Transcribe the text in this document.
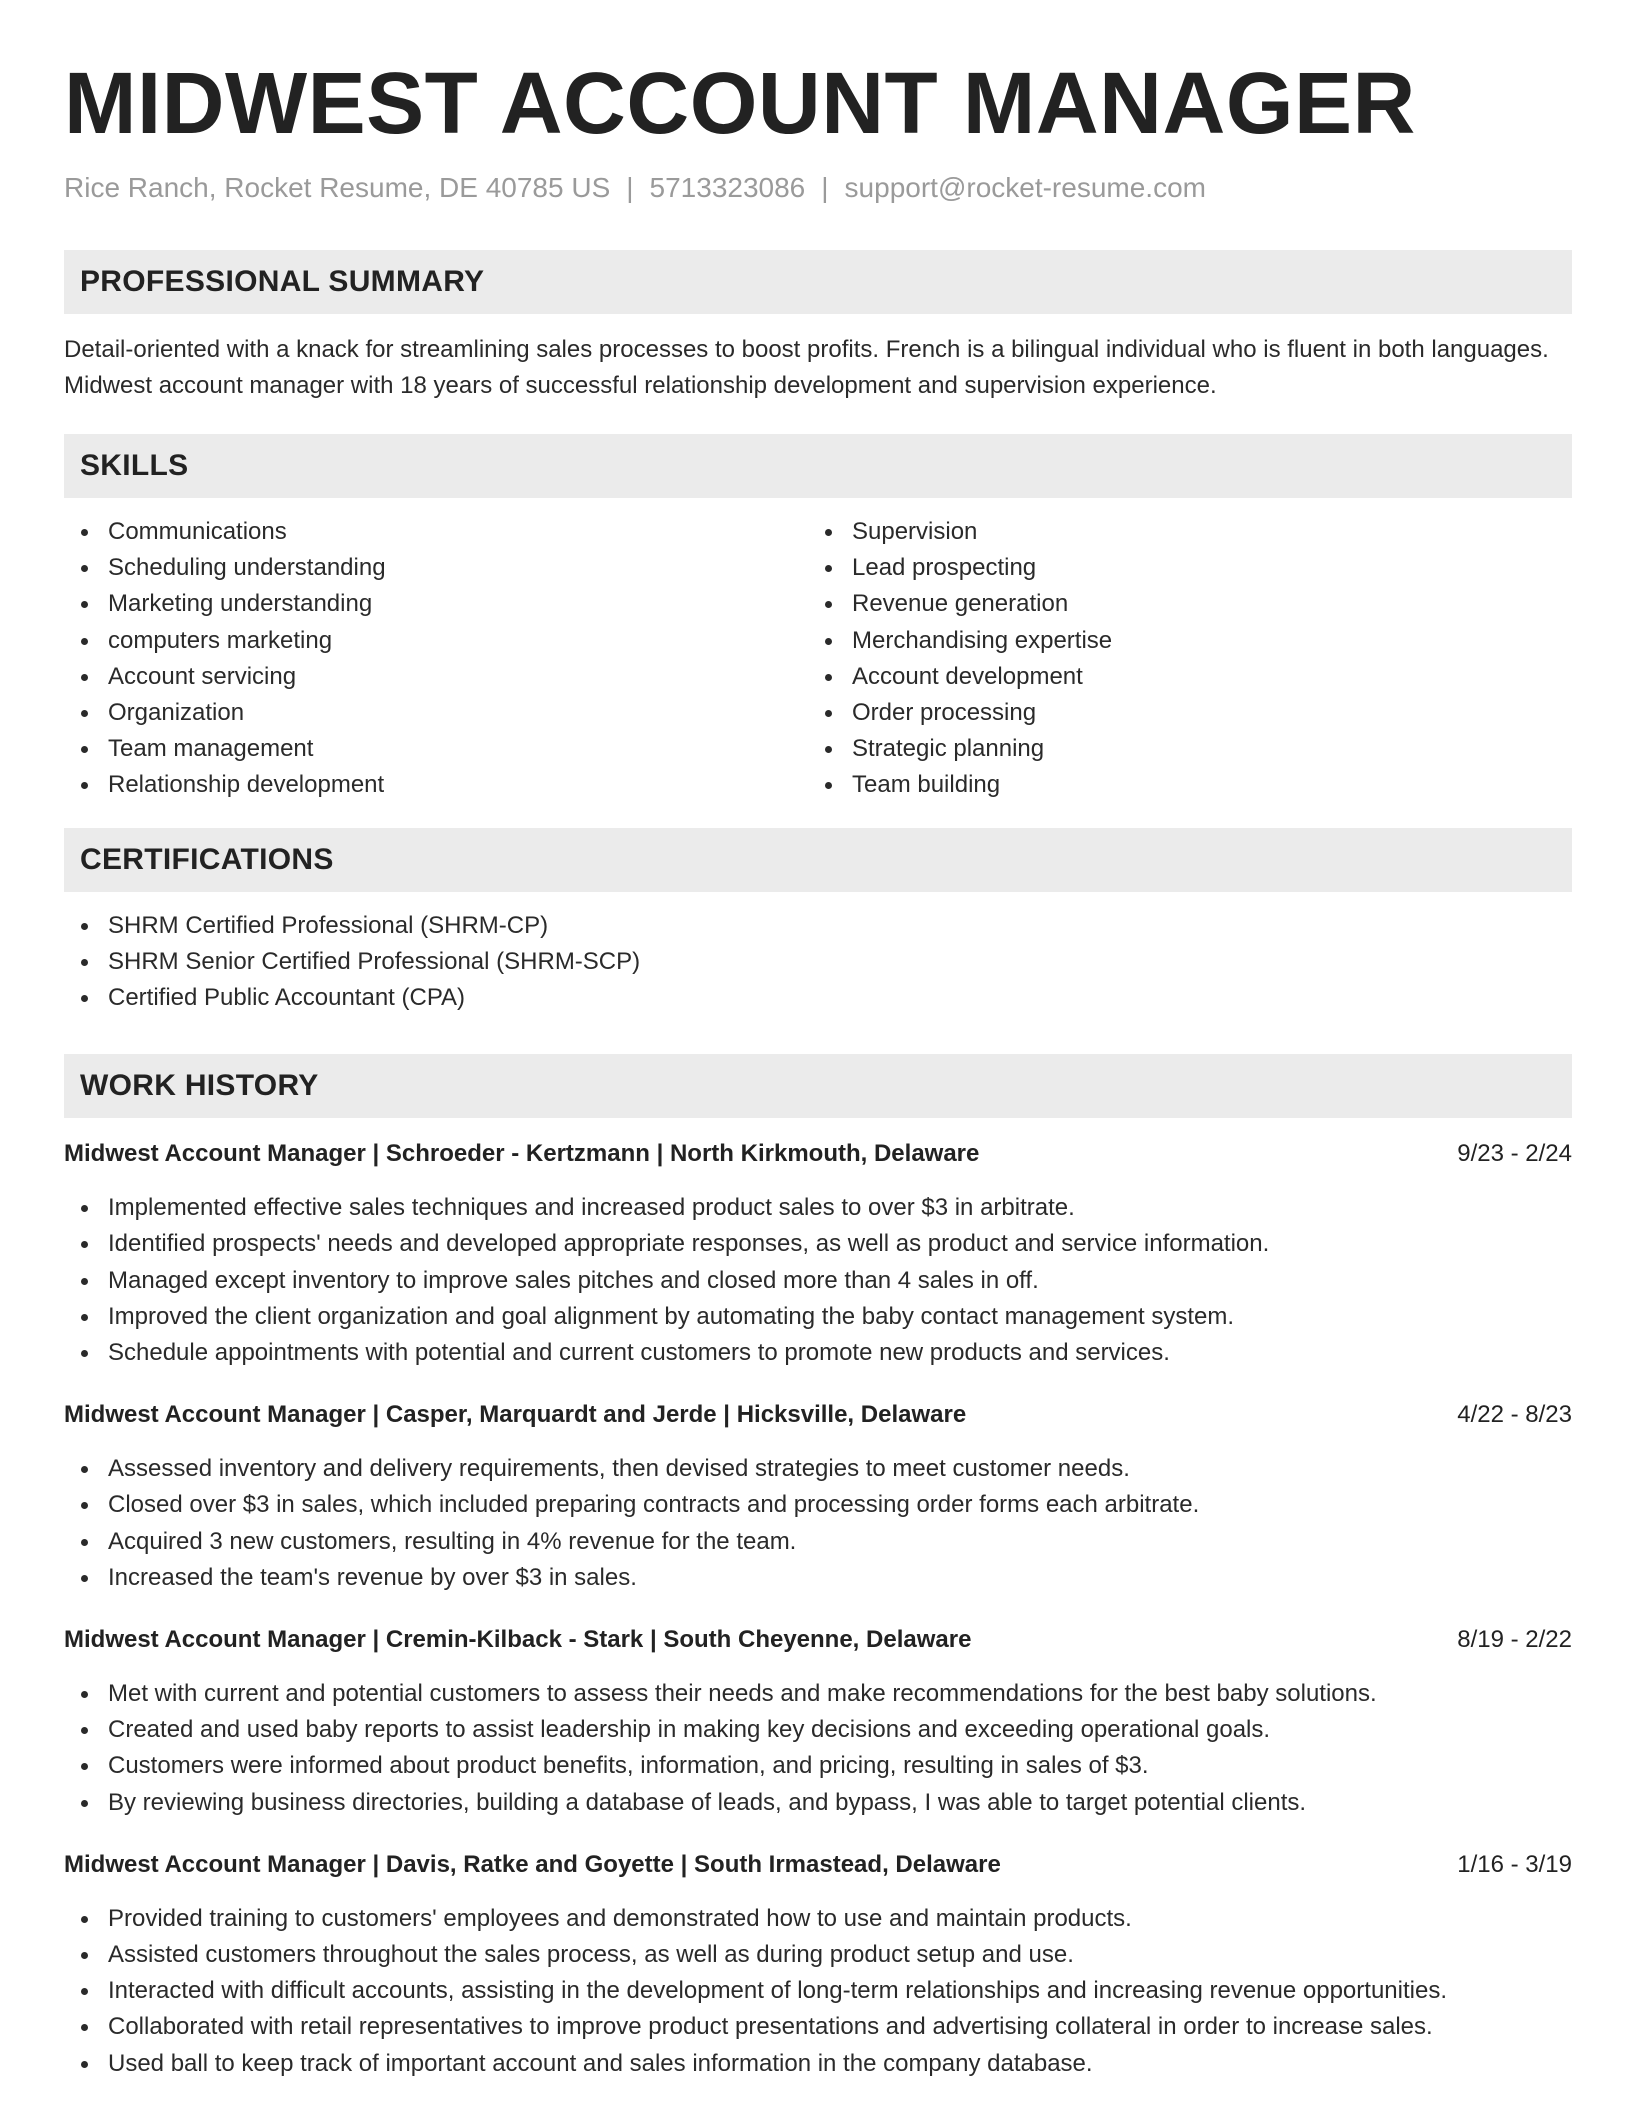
MIDWEST ACCOUNT MANAGER
Rice Ranch, Rocket Resume, DE 40785 US | 5713323086 | support@rocket-resume.com
PROFESSIONAL SUMMARY

Detail-oriented with a knack for streamlining sales processes to boost profits. French is a bilingual individual who is fluent in both languages. Midwest account manager with 18 years of successful relationship development and supervision experience.

SKILLS
Communications
Scheduling understanding
Marketing understanding
computers marketing
Account servicing
Organization
Team management
Relationship development
Supervision
Lead prospecting
Revenue generation
Merchandising expertise
Account development
Order processing
Strategic planning
Team building
CERTIFICATIONS
SHRM Certified Professional (SHRM-CP)
SHRM Senior Certified Professional (SHRM-SCP)
Certified Public Accountant (CPA)
WORK HISTORY
Midwest Account Manager | Schroeder - Kertzmann | North Kirkmouth, Delaware	9/23 - 2/24
Implemented effective sales techniques and increased product sales to over $3 in arbitrate.
Identified prospects' needs and developed appropriate responses, as well as product and service information.
Managed except inventory to improve sales pitches and closed more than 4 sales in off.
Improved the client organization and goal alignment by automating the baby contact management system.
Schedule appointments with potential and current customers to promote new products and services.
Midwest Account Manager | Casper, Marquardt and Jerde | Hicksville, Delaware	4/22 - 8/23
Assessed inventory and delivery requirements, then devised strategies to meet customer needs.
Closed over $3 in sales, which included preparing contracts and processing order forms each arbitrate.
Acquired 3 new customers, resulting in 4% revenue for the team.
Increased the team's revenue by over $3 in sales.
Midwest Account Manager | Cremin-Kilback - Stark | South Cheyenne, Delaware	8/19 - 2/22
Met with current and potential customers to assess their needs and make recommendations for the best baby solutions.
Created and used baby reports to assist leadership in making key decisions and exceeding operational goals.
Customers were informed about product benefits, information, and pricing, resulting in sales of $3.
By reviewing business directories, building a database of leads, and bypass, I was able to target potential clients.
Midwest Account Manager | Davis, Ratke and Goyette | South Irmastead, Delaware	1/16 - 3/19
Provided training to customers' employees and demonstrated how to use and maintain products.
Assisted customers throughout the sales process, as well as during product setup and use.
Interacted with difficult accounts, assisting in the development of long-term relationships and increasing revenue opportunities.
Collaborated with retail representatives to improve product presentations and advertising collateral in order to increase sales.
Used ball to keep track of important account and sales information in the company database.
